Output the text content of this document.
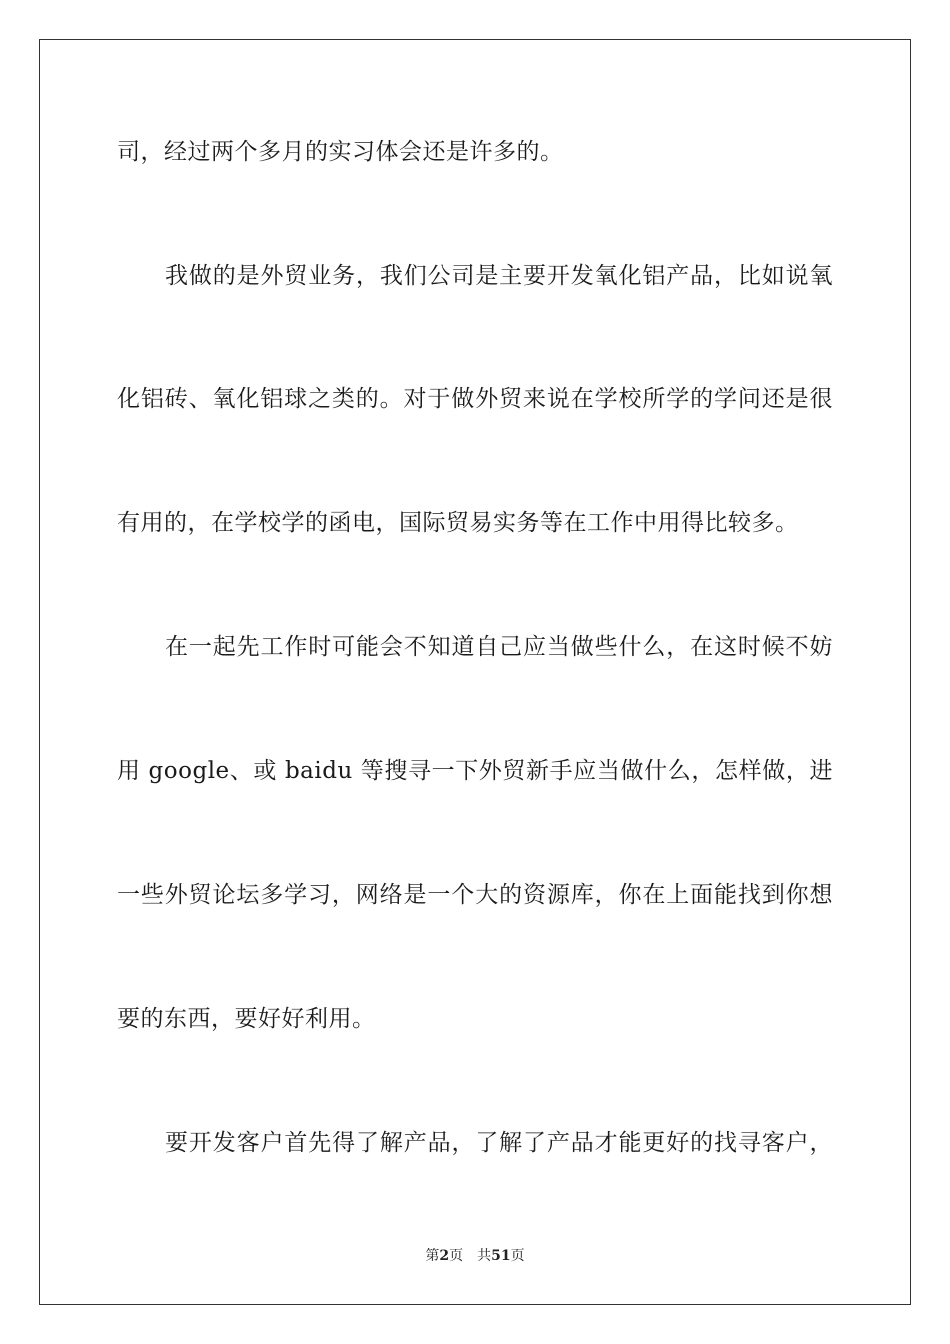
司，经过两个多月的实习体会还是许多的。
我做的是外贸业务，我们公司是主要开发氧化铝产品，比如说氧
化铝砖、氧化铝球之类的。对于做外贸来说在学校所学的学问还是很
有用的，在学校学的函电，国际贸易实务等在工作中用得比较多。
在一起先工作时可能会不知道自己应当做些什么，在这时候不妨
用 google、或 baidu 等搜寻一下外贸新手应当做什么，怎样做，进
一些外贸论坛多学习，网络是一个大的资源库，你在上面能找到你想
要的东西，要好好利用。
要开发客户首先得了解产品，了解了产品才能更好的找寻客户，
第2页 共51页
